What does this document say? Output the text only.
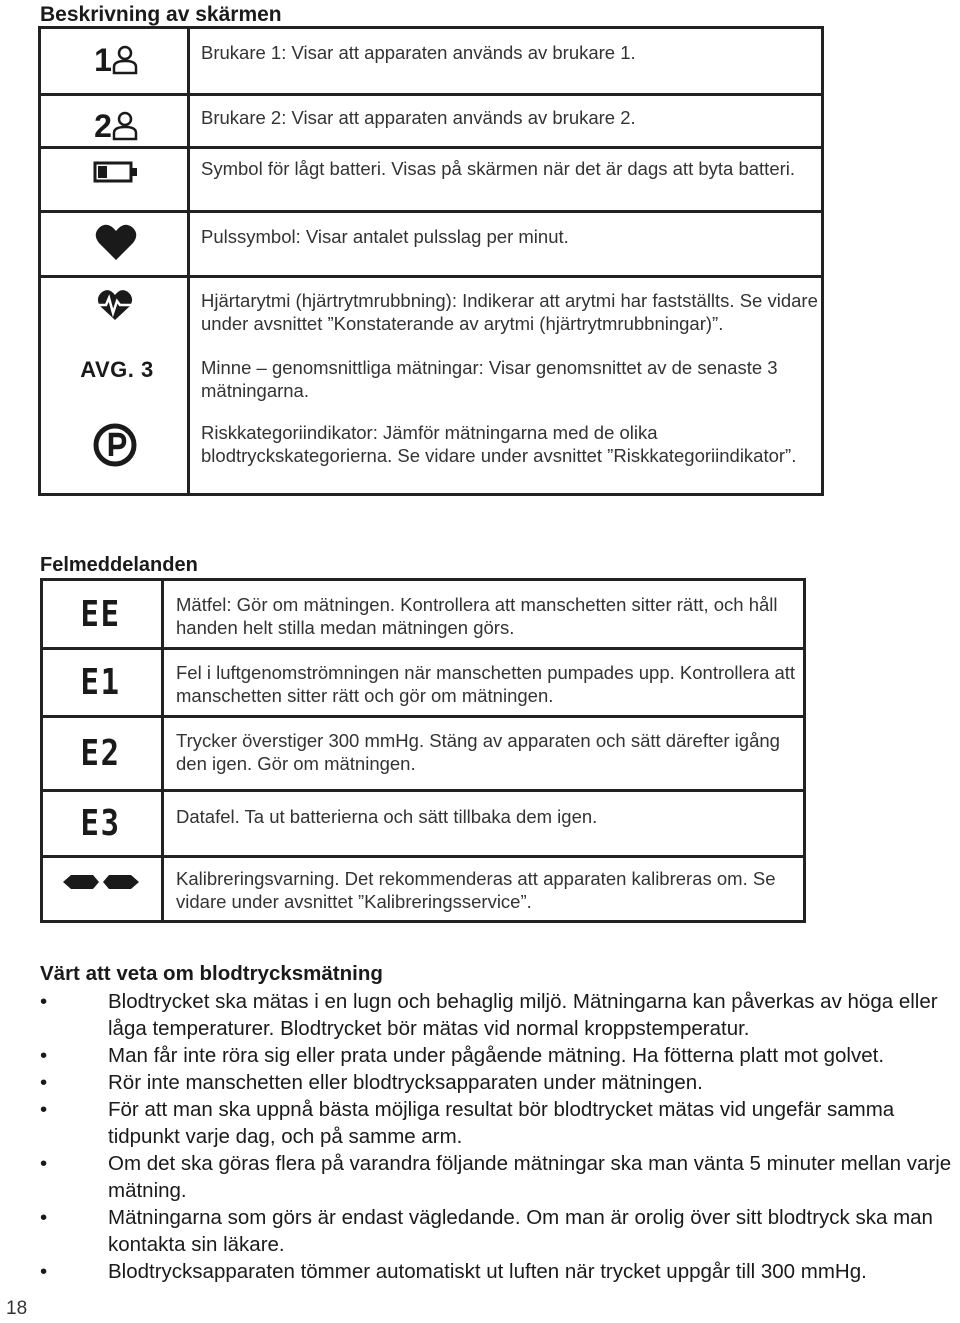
Beskrivning av skärmen
1	Brukare 1: Visar att apparaten används av brukare 1.
2	Brukare 2: Visar att apparaten används av brukare 2.
Symbol för lågt batteri. Visas på skärmen när det är dags att byta batteri.
Pulssymbol: Visar antalet pulsslag per minut.
Hjärtarytmi (hjärtrytmrubbning): Indikerar att arytmi har fastställts. Se vidare under avsnittet ”Konstaterande av arytmi (hjärtrytmrubbningar)”.
AVG. 3	Minne – genomsnittliga mätningar: Visar genomsnittet av de senaste 3 mätningarna.
Riskkategoriindikator: Jämför mätningarna med de olika blodtryckskategorierna. Se vidare under avsnittet ”Riskkategoriindikator”.
Felmeddelanden
EE	Mätfel: Gör om mätningen. Kontrollera att manschetten sitter rätt, och håll handen helt stilla medan mätningen görs.
E1	Fel i luftgenomströmningen när manschetten pumpades upp. Kontrollera att manschetten sitter rätt och gör om mätningen.
E2	Trycker överstiger 300 mmHg. Stäng av apparaten och sätt därefter igång den igen. Gör om mätningen.
E3	Datafel. Ta ut batterierna och sätt tillbaka dem igen.
Kalibreringsvarning. Det rekommenderas att apparaten kalibreras om. Se vidare under avsnittet ”Kalibreringsservice”.
Värt att veta om blodtrycksmätning
• Blodtrycket ska mätas i en lugn och behaglig miljö. Mätningarna kan påverkas av höga eller låga temperaturer. Blodtrycket bör mätas vid normal kroppstemperatur.
• Man får inte röra sig eller prata under pågående mätning. Ha fötterna platt mot golvet.
• Rör inte manschetten eller blodtrycksapparaten under mätningen.
• För att man ska uppnå bästa möjliga resultat bör blodtrycket mätas vid ungefär samma tidpunkt varje dag, och på samme arm.
• Om det ska göras flera på varandra följande mätningar ska man vänta 5 minuter mellan varje mätning.
• Mätningarna som görs är endast vägledande. Om man är orolig över sitt blodtryck ska man kontakta sin läkare.
• Blodtrycksapparaten tömmer automatiskt ut luften när trycket uppgår till 300 mmHg.
18
